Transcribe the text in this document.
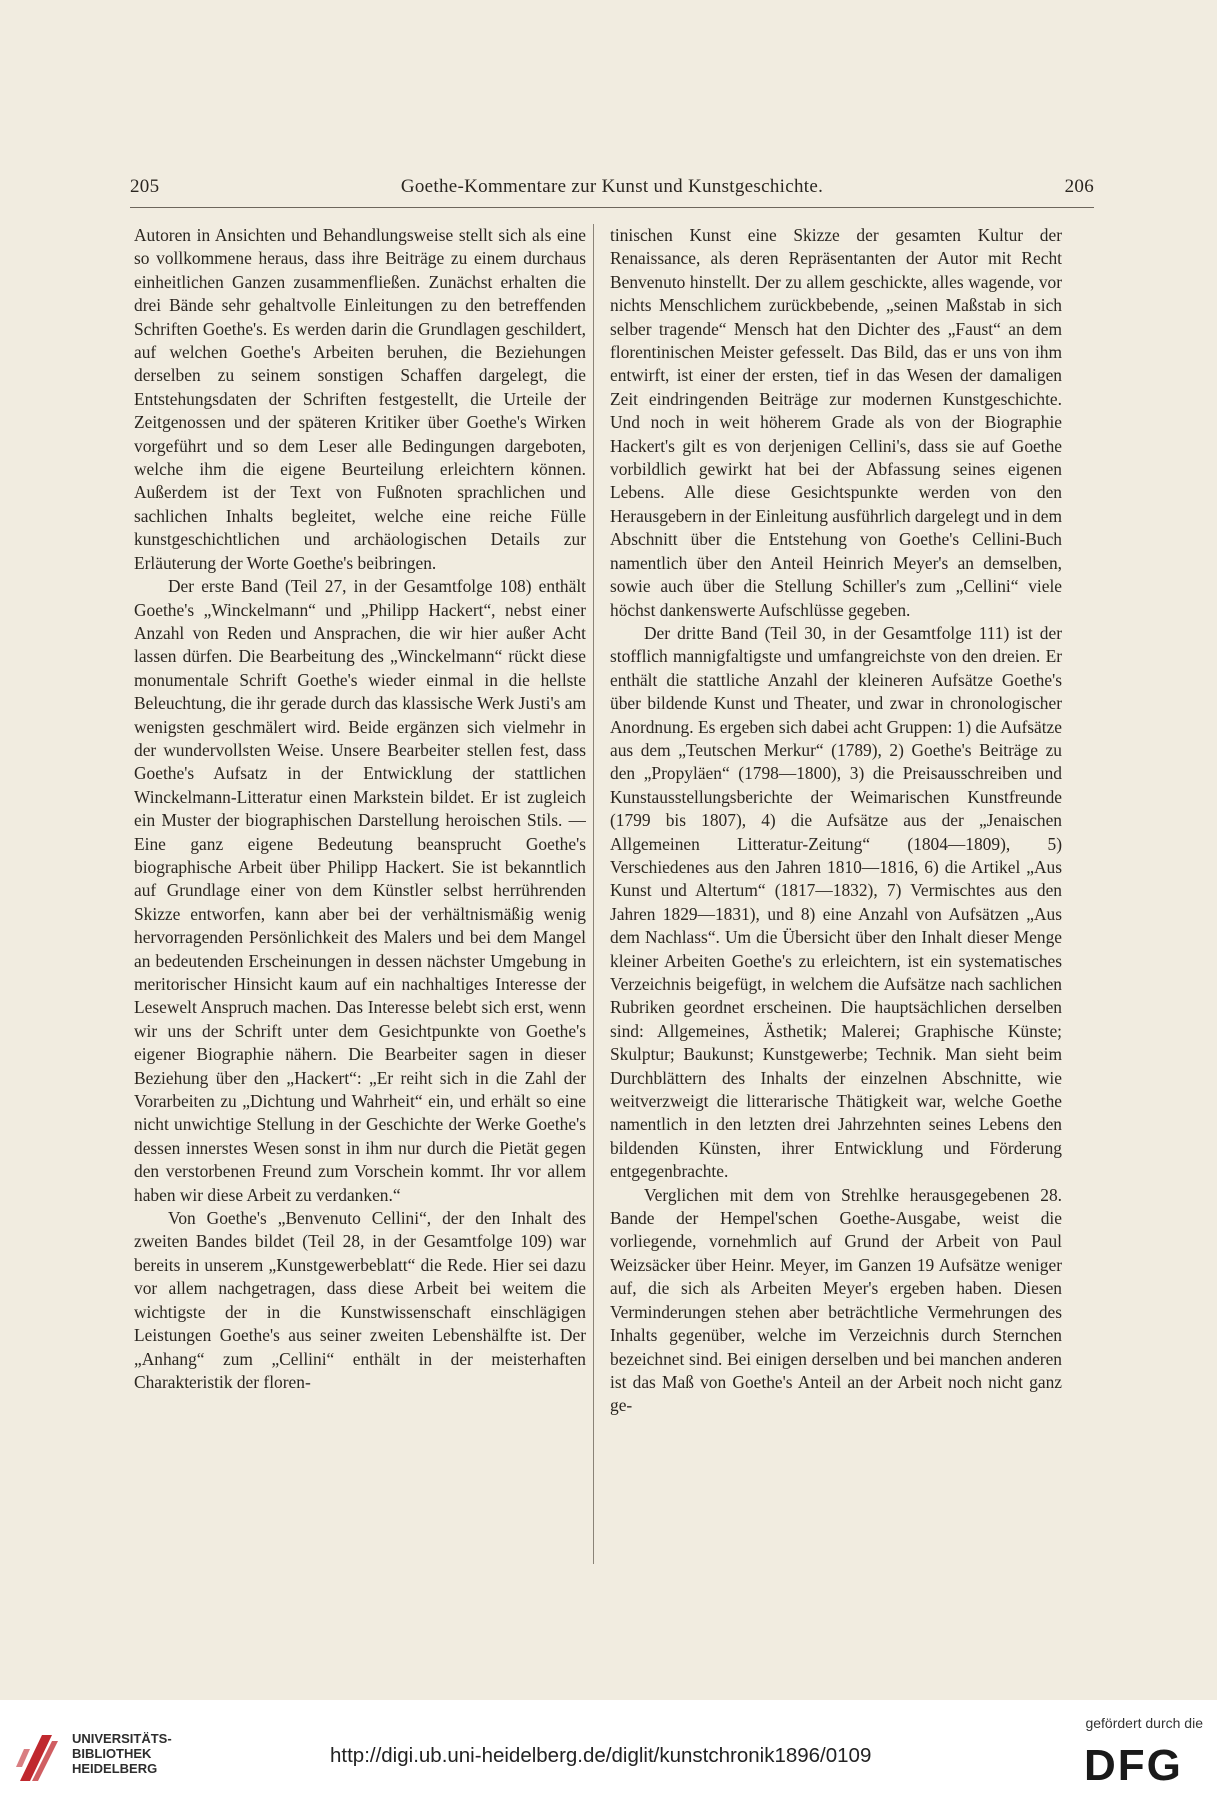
205	Goethe-Kommentare zur Kunst und Kunstgeschichte.	206

Autoren in Ansichten und Behandlungsweise stellt sich als eine so vollkommene heraus, dass ihre Beiträge zu einem durchaus einheitlichen Ganzen zusammenfließen. Zunächst erhalten die drei Bände sehr gehaltvolle Einleitungen zu den betreffenden Schriften Goethe's. Es werden darin die Grundlagen geschildert, auf welchen Goethe's Arbeiten beruhen, die Beziehungen derselben zu seinem sonstigen Schaffen dargelegt, die Entstehungsdaten der Schriften festgestellt, die Urteile der Zeitgenossen und der späteren Kritiker über Goethe's Wirken vorgeführt und so dem Leser alle Bedingungen dargeboten, welche ihm die eigene Beurteilung erleichtern können. Außerdem ist der Text von Fußnoten sprachlichen und sachlichen Inhalts begleitet, welche eine reiche Fülle kunstgeschichtlichen und archäologischen Details zur Erläuterung der Worte Goethe's beibringen.

Der erste Band (Teil 27, in der Gesamtfolge 108) enthält Goethe's „Winckelmann“ und „Philipp Hackert“, nebst einer Anzahl von Reden und Ansprachen, die wir hier außer Acht lassen dürfen. Die Bearbeitung des „Winckelmann“ rückt diese monumentale Schrift Goethe's wieder einmal in die hellste Beleuchtung, die ihr gerade durch das klassische Werk Justi's am wenigsten geschmälert wird. Beide ergänzen sich vielmehr in der wundervollsten Weise. Unsere Bearbeiter stellen fest, dass Goethe's Aufsatz in der Entwicklung der stattlichen Winckelmann-Litteratur einen Markstein bildet. Er ist zugleich ein Muster der biographischen Darstellung heroischen Stils. — Eine ganz eigene Bedeutung beansprucht Goethe's biographische Arbeit über Philipp Hackert. Sie ist bekanntlich auf Grundlage einer von dem Künstler selbst herrührenden Skizze entworfen, kann aber bei der verhältnismäßig wenig hervorragenden Persönlichkeit des Malers und bei dem Mangel an bedeutenden Erscheinungen in dessen nächster Umgebung in meritorischer Hinsicht kaum auf ein nachhaltiges Interesse der Lesewelt Anspruch machen. Das Interesse belebt sich erst, wenn wir uns der Schrift unter dem Gesichtpunkte von Goethe's eigener Biographie nähern. Die Bearbeiter sagen in dieser Beziehung über den „Hackert“: „Er reiht sich in die Zahl der Vorarbeiten zu „Dichtung und Wahrheit“ ein, und erhält so eine nicht unwichtige Stellung in der Geschichte der Werke Goethe's dessen innerstes Wesen sonst in ihm nur durch die Pietät gegen den verstorbenen Freund zum Vorschein kommt. Ihr vor allem haben wir diese Arbeit zu verdanken.“

Von Goethe's „Benvenuto Cellini“, der den Inhalt des zweiten Bandes bildet (Teil 28, in der Gesamtfolge 109) war bereits in unserem „Kunstgewerbeblatt“ die Rede. Hier sei dazu vor allem nachgetragen, dass diese Arbeit bei weitem die wichtigste der in die Kunstwissenschaft einschlägigen Leistungen Goethe's aus seiner zweiten Lebenshälfte ist. Der „Anhang“ zum „Cellini“ enthält in der meisterhaften Charakteristik der floren-

tinischen Kunst eine Skizze der gesamten Kultur der Renaissance, als deren Repräsentanten der Autor mit Recht Benvenuto hinstellt. Der zu allem geschickte, alles wagende, vor nichts Menschlichem zurückbebende, „seinen Maßstab in sich selber tragende“ Mensch hat den Dichter des „Faust“ an dem florentinischen Meister gefesselt. Das Bild, das er uns von ihm entwirft, ist einer der ersten, tief in das Wesen der damaligen Zeit eindringenden Beiträge zur modernen Kunstgeschichte. Und noch in weit höherem Grade als von der Biographie Hackert's gilt es von derjenigen Cellini's, dass sie auf Goethe vorbildlich gewirkt hat bei der Abfassung seines eigenen Lebens. Alle diese Gesichtspunkte werden von den Herausgebern in der Einleitung ausführlich dargelegt und in dem Abschnitt über die Entstehung von Goethe's Cellini-Buch namentlich über den Anteil Heinrich Meyer's an demselben, sowie auch über die Stellung Schiller's zum „Cellini“ viele höchst dankenswerte Aufschlüsse gegeben.

Der dritte Band (Teil 30, in der Gesamtfolge 111) ist der stofflich mannigfaltigste und umfangreichste von den dreien. Er enthält die stattliche Anzahl der kleineren Aufsätze Goethe's über bildende Kunst und Theater, und zwar in chronologischer Anordnung. Es ergeben sich dabei acht Gruppen: 1) die Aufsätze aus dem „Teutschen Merkur“ (1789), 2) Goethe's Beiträge zu den „Propyläen“ (1798—1800), 3) die Preisausschreiben und Kunstausstellungsberichte der Weimarischen Kunstfreunde (1799 bis 1807), 4) die Aufsätze aus der „Jenaischen Allgemeinen Litteratur-Zeitung“ (1804—1809), 5) Verschiedenes aus den Jahren 1810—1816, 6) die Artikel „Aus Kunst und Altertum“ (1817—1832), 7) Vermischtes aus den Jahren 1829—1831), und 8) eine Anzahl von Aufsätzen „Aus dem Nachlass“. Um die Übersicht über den Inhalt dieser Menge kleiner Arbeiten Goethe's zu erleichtern, ist ein systematisches Verzeichnis beigefügt, in welchem die Aufsätze nach sachlichen Rubriken geordnet erscheinen. Die hauptsächlichen derselben sind: Allgemeines, Ästhetik; Malerei; Graphische Künste; Skulptur; Baukunst; Kunstgewerbe; Technik. Man sieht beim Durchblättern des Inhalts der einzelnen Abschnitte, wie weitverzweigt die litterarische Thätigkeit war, welche Goethe namentlich in den letzten drei Jahrzehnten seines Lebens den bildenden Künsten, ihrer Entwicklung und Förderung entgegenbrachte.

Verglichen mit dem von Strehlke herausgegebenen 28. Bande der Hempel'schen Goethe-Ausgabe, weist die vorliegende, vornehmlich auf Grund der Arbeit von Paul Weizsäcker über Heinr. Meyer, im Ganzen 19 Aufsätze weniger auf, die sich als Arbeiten Meyer's ergeben haben. Diesen Verminderungen stehen aber beträchtliche Vermehrungen des Inhalts gegenüber, welche im Verzeichnis durch Sternchen bezeichnet sind. Bei einigen derselben und bei manchen anderen ist das Maß von Goethe's Anteil an der Arbeit noch nicht ganz ge-

UNIVERSITÄTS-
BIBLIOTHEK
HEIDELBERG
http://digi.ub.uni-heidelberg.de/diglit/kunstchronik1896/0109
gefördert durch die
DFG
